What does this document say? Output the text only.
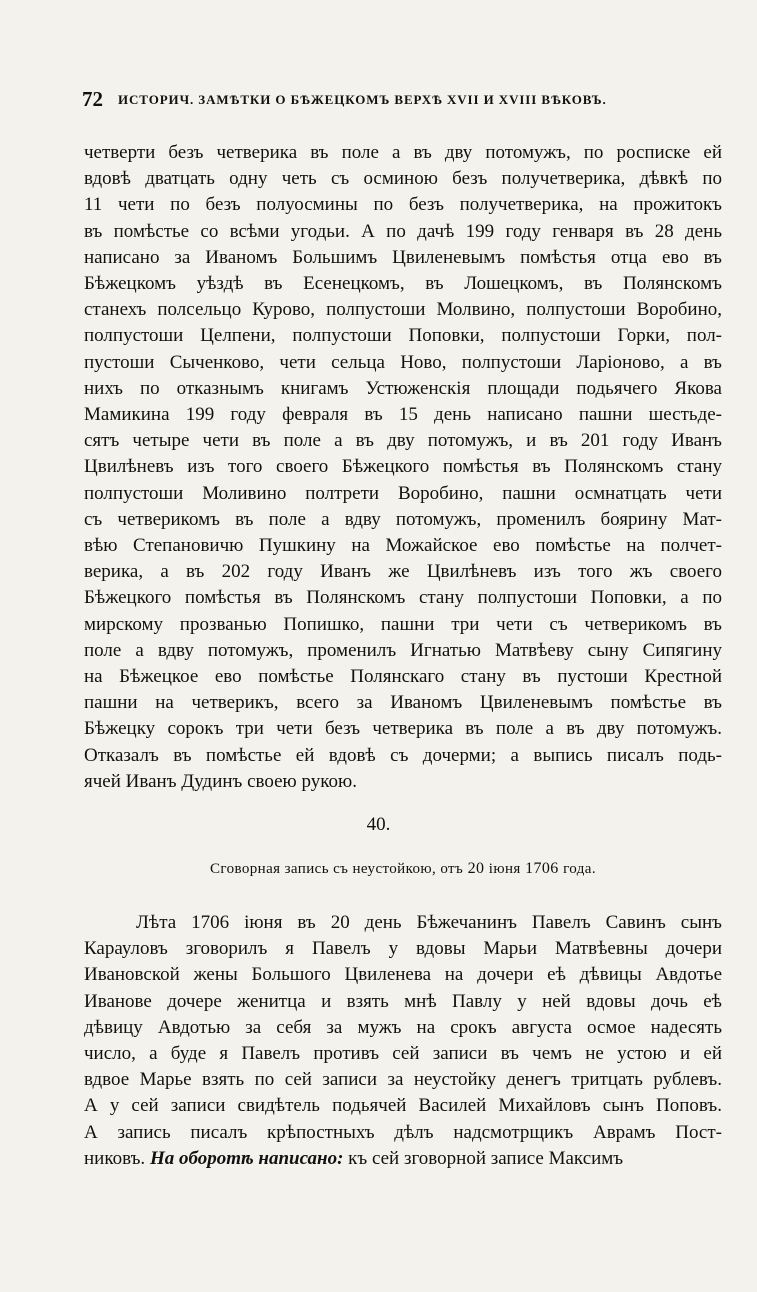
72 ИСТОРИЧ. ЗАМѢТКИ О БѢЖЕЦКОМЪ ВЕРХѢ XVII И XVIII ВѢКОВЪ.
четверти безъ четверика въ поле а въ дву потомужъ, по росписке ей
вдовѣ дватцать одну четь съ осминою безъ получетверика, дѣвкѣ по
11 чети по безъ полуосмины по безъ получетверика, на прожитокъ
въ помѣстье со всѣми угодьи. А по дачѣ 199 году генваря въ 28 день
написано за Иваномъ Большимъ Цвиленевымъ помѣстья отца ево въ
Бѣжецкомъ уѣздѣ въ Есенецкомъ, въ Лошецкомъ, въ Полянскомъ
станехъ полсельцо Курово, полпустоши Молвино, полпустоши Воробино,
полпустоши Целпени, полпустоши Поповки, полпустоши Горки, пол-
пустоши Сыченково, чети сельца Ново, полпустоши Ларіоново, а въ
нихъ по отказнымъ книгамъ Устюженскія площади подьячего Якова
Мамикина 199 году февраля въ 15 день написано пашни шестьде-
сятъ четыре чети въ поле а въ дву потомужъ, и въ 201 году Иванъ
Цвилѣневъ изъ того своего Бѣжецкого помѣстья въ Полянскомъ стану
полпустоши Моливино полтрети Воробино, пашни осмнатцать чети
съ четверикомъ въ поле а вдву потомужъ, променилъ боярину Мат-
вѣю Степановичю Пушкину на Можайское ево помѣстье на полчет-
верика, а въ 202 году Иванъ же Цвилѣневъ изъ того жъ своего
Бѣжецкого помѣстья въ Полянскомъ стану полпустоши Поповки, а по
мирскому прозванью Попишко, пашни три чети съ четверикомъ въ
поле а вдву потомужъ, променилъ Игнатью Матвѣеву сыну Сипягину
на Бѣжецкое ево помѣстье Полянскаго стану въ пустоши Крестной
пашни на четверикъ, всего за Иваномъ Цвиленевымъ помѣстье въ
Бѣжецку сорокъ три чети безъ четверика въ поле а въ дву потомужъ.
Отказалъ въ помѣстье ей вдовѣ съ дочерми; а выпись писалъ подь-
ячей Иванъ Дудинъ своею рукою.
40.
Сговорная запись съ неустойкою, отъ 20 іюня 1706 года.
Лѣта 1706 іюня въ 20 день Бѣжечанинъ Павелъ Савинъ сынъ
Карауловъ зговорилъ я Павелъ у вдовы Марьи Матвѣевны дочери
Ивановской жены Большого Цвиленева на дочери еѣ дѣвицы Авдотье
Иванове дочере женитца и взять мнѣ Павлу у ней вдовы дочь еѣ
дѣвицу Авдотью за себя за мужъ на срокъ августа осмое надесять
число, а буде я Павелъ противъ сей записи въ чемъ не устою и ей
вдвое Марье взять по сей записи за неустойку денегъ тритцать рублевъ.
А у сей записи свидѣтель подьячей Василей Михайловъ сынъ Поповъ.
А запись писалъ крѣпостныхъ дѣлъ надсмотрщикъ Аврамъ Пост-
никовъ. На оборотѣ написано: къ сей зговорной записе Максимъ
